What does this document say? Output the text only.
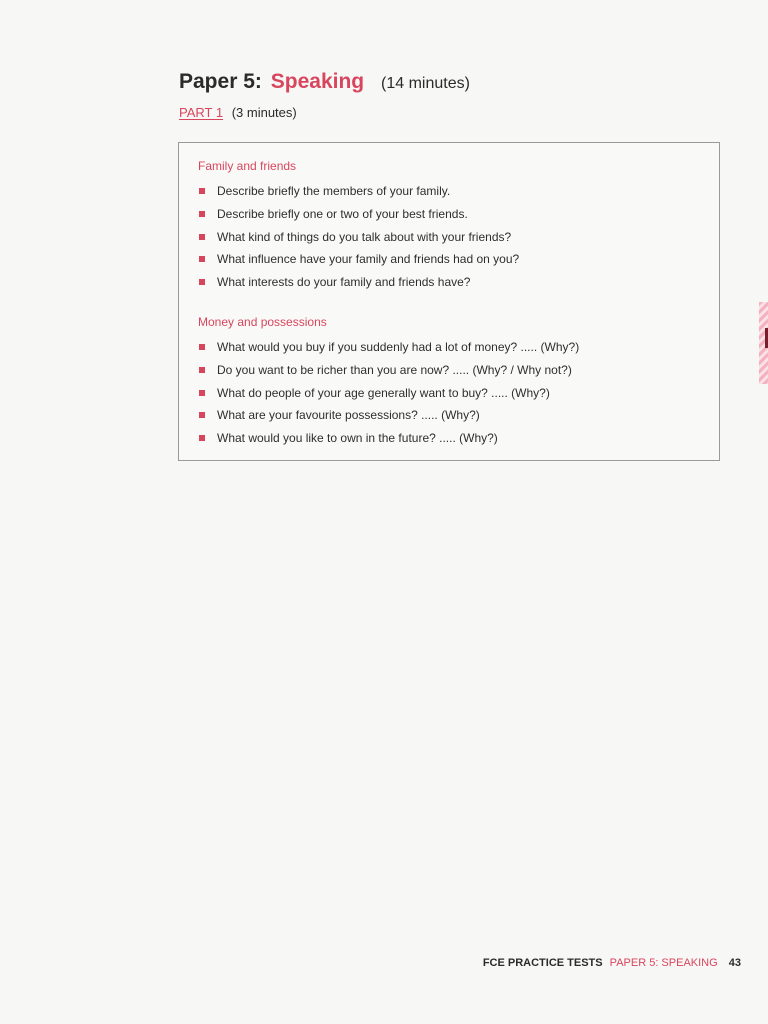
Paper 5: Speaking (14 minutes)
PART 1 (3 minutes)
Family and friends
Describe briefly the members of your family.
Describe briefly one or two of your best friends.
What kind of things do you talk about with your friends?
What influence have your family and friends had on you?
What interests do your family and friends have?
Money and possessions
What would you buy if you suddenly had a lot of money? ..... (Why?)
Do you want to be richer than you are now? ..... (Why? / Why not?)
What do people of your age generally want to buy? ..... (Why?)
What are your favourite possessions? ..... (Why?)
What would you like to own in the future? ..... (Why?)
FCE PRACTICE TESTS PAPER 5: SPEAKING 43
